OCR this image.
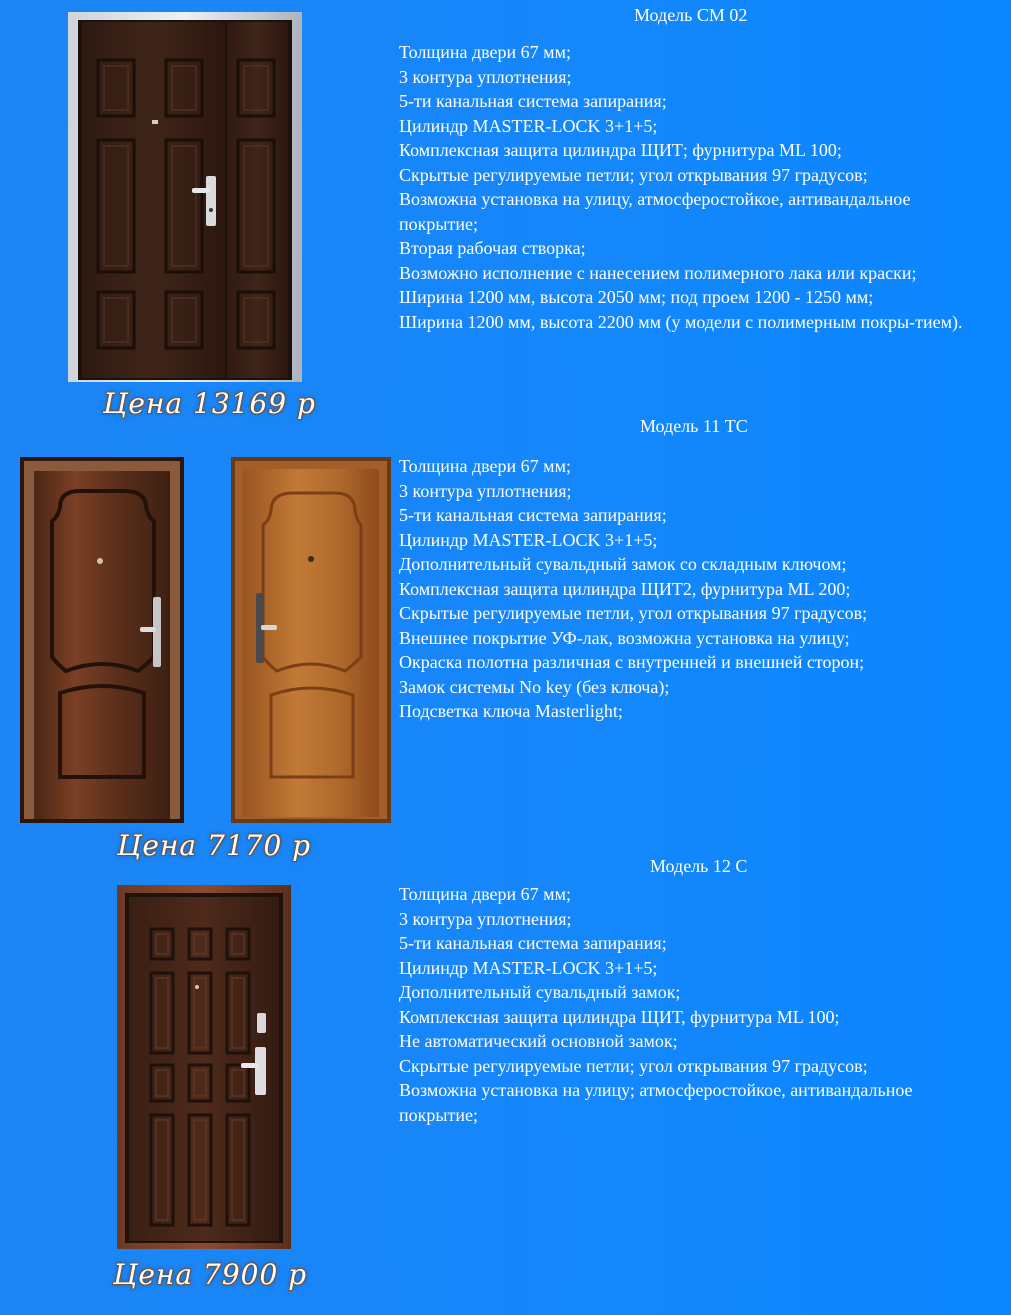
Модель СМ 02
Толщина двери 67 мм;
3 контура уплотнения;
5-ти канальная система запирания;
Цилиндр MASTER-LOCK 3+1+5;
Комплексная защита цилиндра ЩИТ; фурнитура ML 100;
Скрытые регулируемые петли; угол открывания 97 градусов;
Возможна установка на улицу, атмосферостойкое, антивандальное покрытие;
Вторая рабочая створка;
Возможно исполнение с нанесением полимерного лака или краски;
Ширина 1200 мм, высота 2050 мм; под проем 1200 - 1250 мм;
Ширина 1200 мм, высота 2200 мм (у модели с полимерным покры-тием).
Цена 13169 р
Модель 11 ТС
Толщина двери 67 мм;
3 контура уплотнения;
5-ти канальная система запирания;
Цилиндр MASTER-LOCK 3+1+5;
Дополнительный сувальдный замок со складным ключом;
Комплексная защита цилиндра ЩИТ2, фурнитура ML 200;
Скрытые регулируемые петли, угол открывания 97 градусов;
Внешнее покрытие УФ-лак, возможна установка на улицу;
Окраска полотна различная с внутренней и внешней сторон;
Замок системы No key (без ключа);
Подсветка ключа Masterlight;
Цена 7170 р
Модель 12 С
Толщина двери 67 мм;
3 контура уплотнения;
5-ти канальная система запирания;
Цилиндр MASTER-LOCK 3+1+5;
Дополнительный сувальдный замок;
Комплексная защита цилиндра ЩИТ, фурнитура ML 100;
Не автоматический основной замок;
Скрытые регулируемые петли; угол открывания 97 градусов;
Возможна установка на улицу; атмосферостойкое, антивандальное покрытие;
Цена 7900 р
